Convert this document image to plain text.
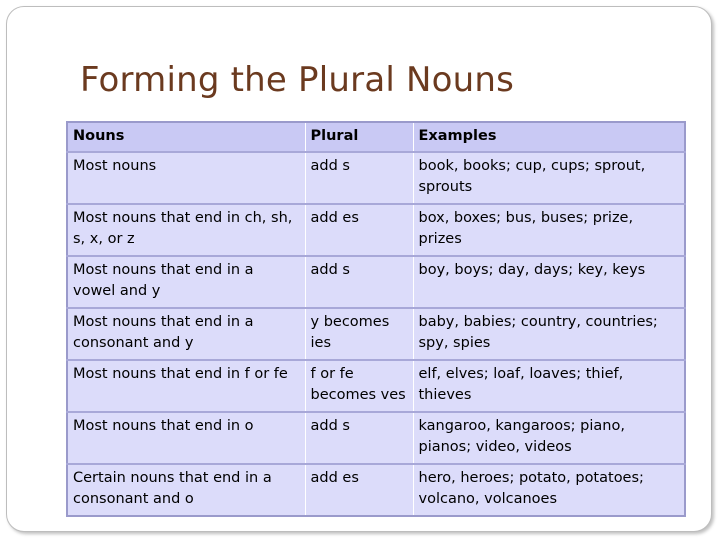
Forming the Plural Nouns
Nouns	Plural	Examples
Most nouns	add s	book, books; cup, cups; sprout, sprouts
Most nouns that end in ch, sh, s, x, or z	add es	box, boxes; bus, buses; prize, prizes
Most nouns that end in a vowel and y	add s	boy, boys; day, days; key, keys
Most nouns that end in a consonant and y	y becomes ies	baby, babies; country, countries; spy, spies
Most nouns that end in f or fe	f or fe becomes ves	elf, elves; loaf, loaves; thief, thieves
Most nouns that end in o	add s	kangaroo, kangaroos; piano, pianos; video, videos
Certain nouns that end in a consonant and o	add es	hero, heroes; potato, potatoes; volcano, volcanoes
